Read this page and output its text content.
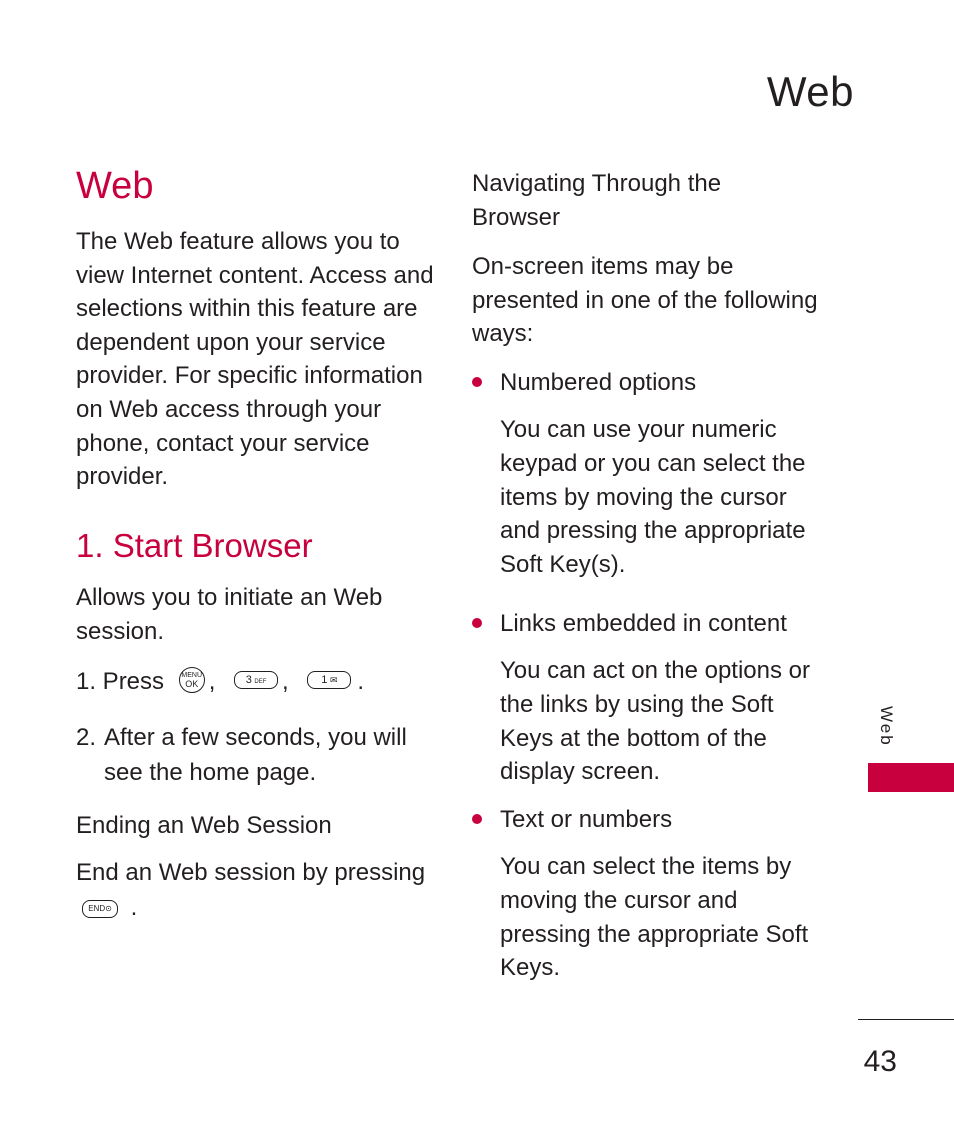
Web
Web
The Web feature allows you to view Internet content. Access and selections within this feature are dependent upon your service provider. For specific information on Web access through your phone, contact your service provider.
1. Start Browser
Allows you to initiate an Web session.
1. Press MENU
OK ,	3 DEF ,	1 ✉ .
2. After a few seconds, you will see the home page.
Ending an Web Session
End an Web session by pressing
END⊙ .
Navigating Through the Browser
On-screen items may be presented in one of the following ways:
Numbered options
You can use your numeric keypad or you can select the items by moving the cursor and pressing the appropriate Soft Key(s).
Links embedded in content
You can act on the options or the links by using the Soft Keys at the bottom of the display screen.
Text or numbers
You can select the items by moving the cursor and pressing the appropriate Soft Keys.
Web
43
